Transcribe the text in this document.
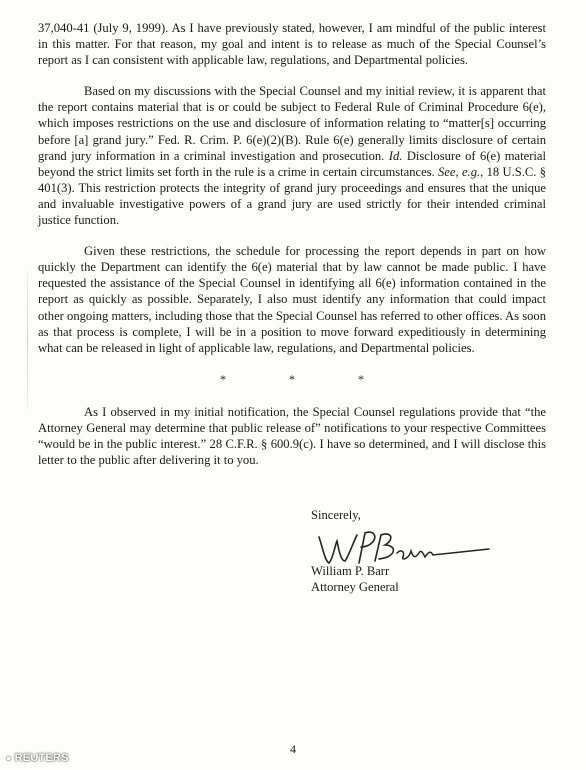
37,040-41 (July 9, 1999). As I have previously stated, however, I am mindful of the public interest in this matter. For that reason, my goal and intent is to release as much of the Special Counsel’s report as I can consistent with applicable law, regulations, and Departmental policies.

Based on my discussions with the Special Counsel and my initial review, it is apparent that the report contains material that is or could be subject to Federal Rule of Criminal Procedure 6(e), which imposes restrictions on the use and disclosure of information relating to “matter[s] occurring before [a] grand jury.” Fed. R. Crim. P. 6(e)(2)(B). Rule 6(e) generally limits disclosure of certain grand jury information in a criminal investigation and prosecution. Id. Disclosure of 6(e) material beyond the strict limits set forth in the rule is a crime in certain circumstances. See, e.g., 18 U.S.C. § 401(3). This restriction protects the integrity of grand jury proceedings and ensures that the unique and invaluable investigative powers of a grand jury are used strictly for their intended criminal justice function.

Given these restrictions, the schedule for processing the report depends in part on how quickly the Department can identify the 6(e) material that by law cannot be made public. I have requested the assistance of the Special Counsel in identifying all 6(e) information contained in the report as quickly as possible. Separately, I also must identify any information that could impact other ongoing matters, including those that the Special Counsel has referred to other offices. As soon as that process is complete, I will be in a position to move forward expeditiously in determining what can be released in light of applicable law, regulations, and Departmental policies.

* * *

As I observed in my initial notification, the Special Counsel regulations provide that “the Attorney General may determine that public release of” notifications to your respective Committees “would be in the public interest.” 28 C.F.R. § 600.9(c). I have so determined, and I will disclose this letter to the public after delivering it to you.

Sincerely,
William P. Barr
Attorney General
4
● REUTERS
